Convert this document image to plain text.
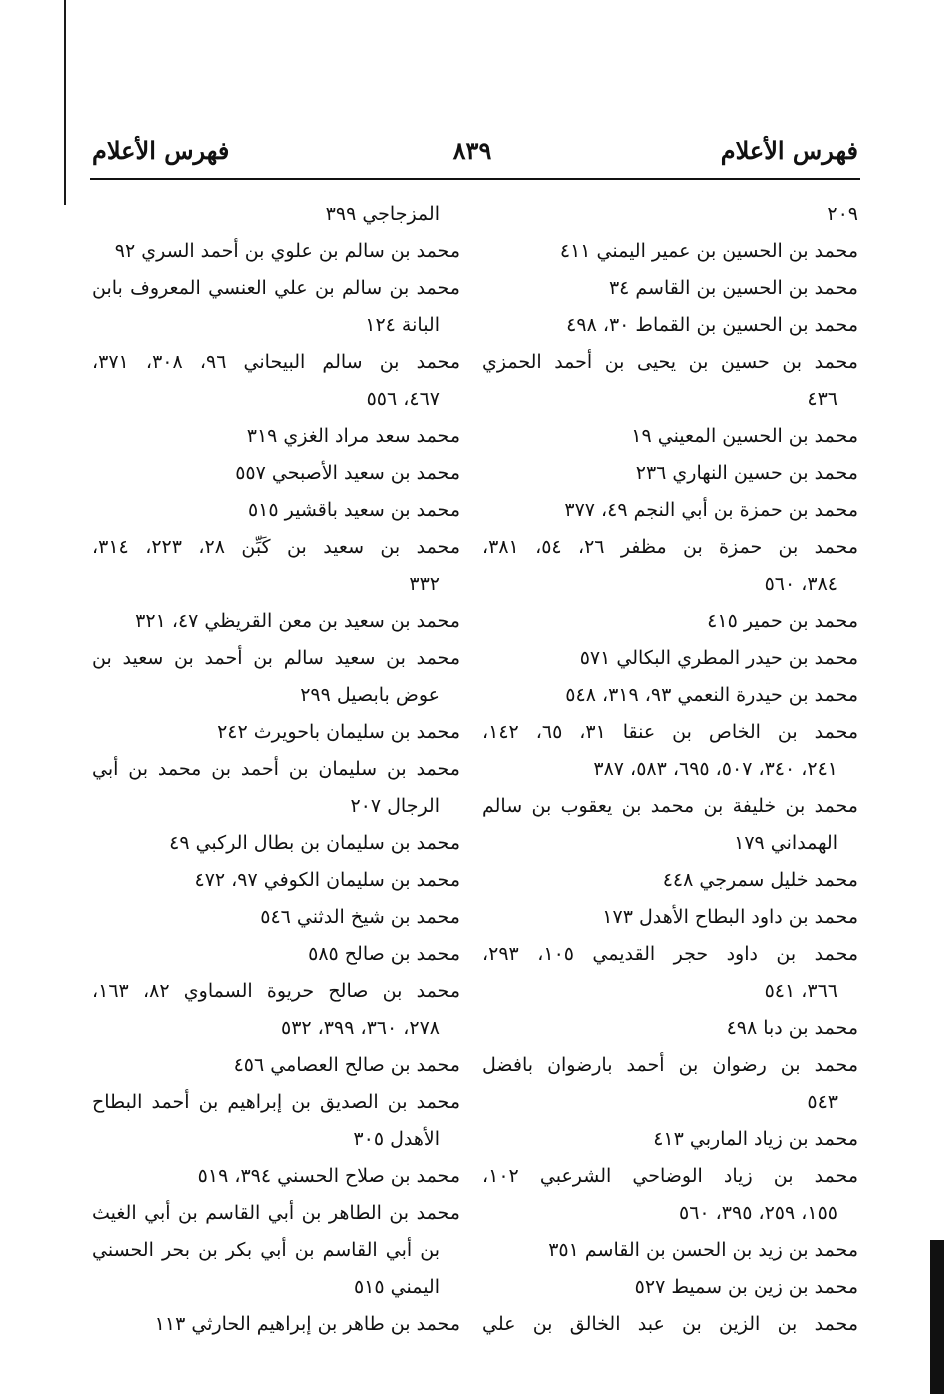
فهرس الأعلام
٨٣٩
فهرس الأعلام
٢٠٩
محمد بن الحسين بن عمير اليمني ٤١١
محمد بن الحسين بن القاسم ٣٤
محمد بن الحسين بن القماط ٣٠، ٤٩٨
محمد بن حسين بن يحيى بن أحمد الحمزي
٤٣٦
محمد بن الحسين المعيني ١٩
محمد بن حسين النهاري ٢٣٦
محمد بن حمزة بن أبي النجم ٤٩، ٣٧٧
محمد بن حمزة بن مظفر ٢٦، ٥٤، ٣٨١،
٣٨٤، ٥٦٠
محمد بن حمير ٤١٥
محمد بن حيدر المطري البكالي ٥٧١
محمد بن حيدرة النعمي ٩٣، ٣١٩، ٥٤٨
محمد بن الخاص بن عنقا ٣١، ٦٥، ١٤٢،
٢٤١، ٣٤٠، ٥٠٧، ٦٩٥، ٥٨٣، ٣٨٧
محمد بن خليفة بن محمد بن يعقوب بن سالم
الهمداني ١٧٩
محمد خليل سمرجي ٤٤٨
محمد بن داود البطاح الأهدل ١٧٣
محمد بن داود حجر القديمي ١٠٥، ٢٩٣،
٣٦٦، ٥٤١
محمد بن دبا ٤٩٨
محمد بن رضوان بن أحمد بارضوان بافضل
٥٤٣
محمد بن زياد الماربي ٤١٣
محمد بن زياد الوضاحي الشرعبي ١٠٢،
١٥٥، ٢٥٩، ٣٩٥، ٥٦٠
محمد بن زيد بن الحسن بن القاسم ٣٥١
محمد بن زين بن سميط ٥٢٧
محمد بن الزين بن عبد الخالق بن علي
المزجاجي ٣٩٩
محمد بن سالم بن علوي بن أحمد السري ٩٢
محمد بن سالم بن علي العنسي المعروف بابن
البانة ١٢٤
محمد بن سالم البيحاني ٩٦، ٣٠٨، ٣٧١،
٤٦٧، ٥٥٦
محمد سعد مراد الغزي ٣١٩
محمد بن سعيد الأصبحي ٥٥٧
محمد بن سعيد باقشير ٥١٥
محمد بن سعيد بن كَبِّن ٢٨، ٢٢٣، ٣١٤،
٣٣٢
محمد بن سعيد بن معن القريظي ٤٧، ٣٢١
محمد بن سعيد سالم بن أحمد بن سعيد بن
عوض بابصيل ٢٩٩
محمد بن سليمان باحويرث ٢٤٢
محمد بن سليمان بن أحمد بن محمد بن أبي
الرجال ٢٠٧
محمد بن سليمان بن بطال الركبي ٤٩
محمد بن سليمان الكوفي ٩٧، ٤٧٢
محمد بن شيخ الدثني ٥٤٦
محمد بن صالح ٥٨٥
محمد بن صالح حريوة السماوي ٨٢، ١٦٣،
٢٧٨، ٣٦٠، ٣٩٩، ٥٣٢
محمد بن صالح العصامي ٤٥٦
محمد بن الصديق بن إبراهيم بن أحمد البطاح
الأهدل ٣٠٥
محمد بن صلاح الحسني ٣٩٤، ٥١٩
محمد بن الطاهر بن أبي القاسم بن أبي الغيث
بن أبي القاسم بن أبي بكر بن بحر الحسني
اليمني ٥١٥
محمد بن طاهر بن إبراهيم الحارثي ١١٣
